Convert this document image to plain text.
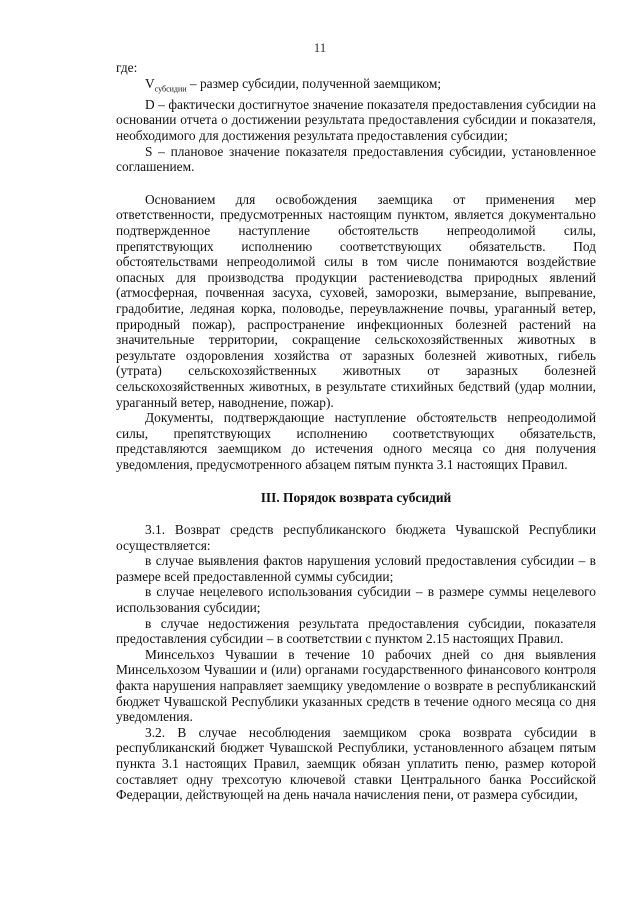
11

где:

$V_{субсидии}$ – размер субсидии, полученной заемщиком;

D – фактически достигнутое значение показателя предоставления субсидии на основании отчета о достижении результата предоставления субсидии и показателя, необходимого для достижения результата предоставления субсидии;

S – плановое значение показателя предоставления субсидии, установленное соглашением.

Основанием для освобождения заемщика от применения мер ответственности, предусмотренных настоящим пунктом, является документально подтвержденное наступление обстоятельств непреодолимой силы, препятствующих исполнению соответствующих обязательств. Под обстоятельствами непреодолимой силы в том числе понимаются воздействие опасных для производства продукции растениеводства природных явлений (атмосферная, почвенная засуха, суховей, заморозки, вымерзание, выпревание, градобитие, ледяная корка, половодье, переувлажнение почвы, ураганный ветер, природный пожар), распространение инфекционных болезней растений на значительные территории, сокращение сельскохозяйственных животных в результате оздоровления хозяйства от заразных болезней животных, гибель (утрата) сельскохозяйственных животных от заразных болезней сельскохозяйственных животных, в результате стихийных бедствий (удар молнии, ураганный ветер, наводнение, пожар).

Документы, подтверждающие наступление обстоятельств непреодолимой силы, препятствующих исполнению соответствующих обязательств, представляются заемщиком до истечения одного месяца со дня получения уведомления, предусмотренного абзацем пятым пункта 3.1 настоящих Правил.

III. Порядок возврата субсидий

3.1. Возврат средств республиканского бюджета Чувашской Республики осуществляется:

в случае выявления фактов нарушения условий предоставления субсидии – в размере всей предоставленной суммы субсидии;

в случае нецелевого использования субсидии – в размере суммы нецелевого использования субсидии;

в случае недостижения результата предоставления субсидии, показателя предоставления субсидии – в соответствии с пунктом 2.15 настоящих Правил.

Минсельхоз Чувашии в течение 10 рабочих дней со дня выявления Минсельхозом Чувашии и (или) органами государственного финансового контроля факта нарушения направляет заемщику уведомление о возврате в республиканский бюджет Чувашской Республики указанных средств в течение одного месяца со дня уведомления.

3.2. В случае несоблюдения заемщиком срока возврата субсидии в республиканский бюджет Чувашской Республики, установленного абзацем пятым пункта 3.1 настоящих Правил, заемщик обязан уплатить пеню, размер которой составляет одну трехсотую ключевой ставки Центрального банка Российской Федерации, действующей на день начала начисления пени, от размера субсидии,
